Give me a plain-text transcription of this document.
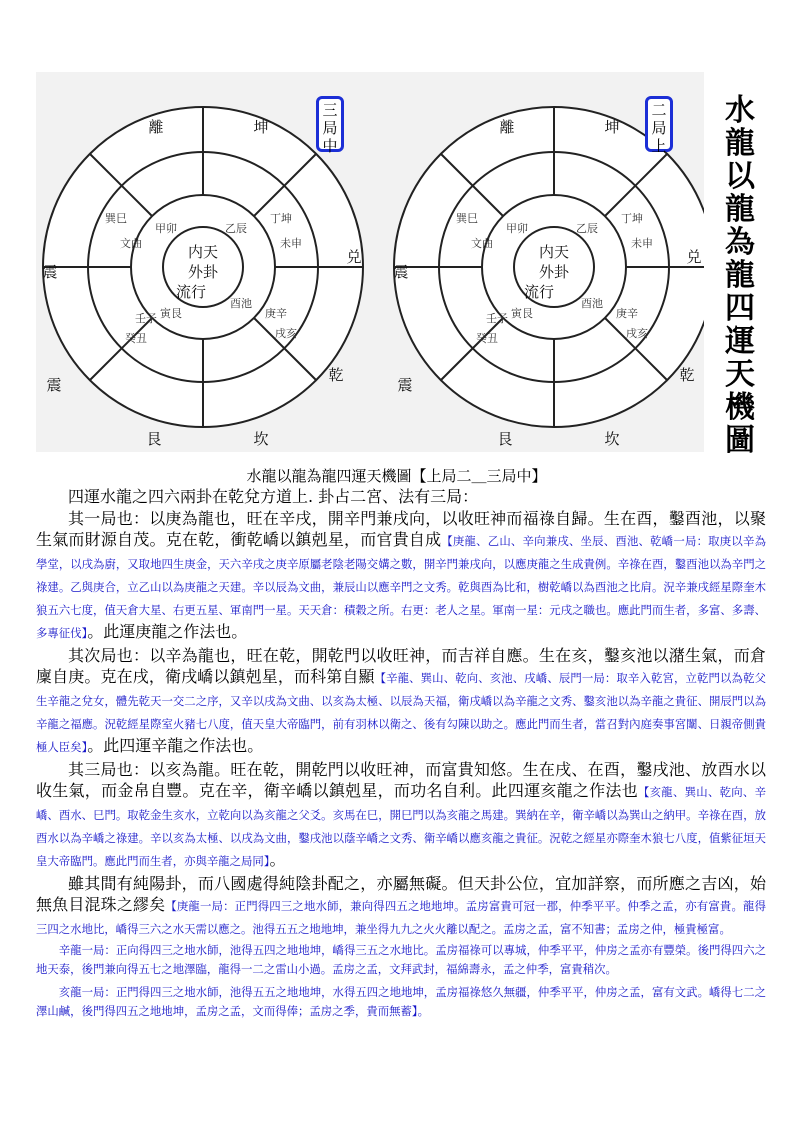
内天
外卦
流行
離	坤
震
兑
震
乾
艮	坎
巽巳
文曲
丁坤
未申
庚辛
戌亥
壬子
癸丑
乙辰
酉池
甲卯
寅艮
三
局
中
内天
外卦
流行
離	坤
震
兑
震
乾
艮	坎
巽巳
文曲
丁坤
未申
庚辛
戌亥
壬子
癸丑
乙辰
酉池
甲卯
寅艮
二
局
上
水
龍
以
龍
為
龍
四
運
天
機
圖
水龍以龍為龍四運天機圖【上局二＿三局中】

四運水龍之四六兩卦在乾兌方道上. 卦占二宮、法有三局：

其一局也：以庚為龍也，旺在辛戌，開辛門兼戌向，以收旺神而福祿自歸。生在酉，鑿酉池，以聚生氣而財源自茂。克在乾，衝乾嶠以鎮剋星，而官貴自成【庚龍、乙山、辛向兼戌、坐辰、酉池、乾嶠一局：取庚以辛為學堂，以戌為廚，又取地四生庚金，天六辛戌之庚辛原屬老陰老陽交媾之數，開辛門兼戌向，以應庚龍之生成貴例。辛祿在酉，鑿酉池以為辛門之祿建。乙與庚合，立乙山以為庚龍之天建。辛以辰為文曲，兼辰山以應辛門之文秀。乾與酉為比和，樹乾嶠以為酉池之比肩。況辛兼戌經星際奎木狼五六七度，值天倉大星、右更五星、軍南門一星。天天倉：積穀之所。右更：老人之星。軍南一星：元戌之職也。應此門而生者，多富、多壽、多專征伐】。此運庚龍之作法也。

其次局也：以辛為龍也，旺在乾，開乾門以收旺神，而吉祥自應。生在亥，鑿亥池以潴生氣，而倉廩自庚。克在戌，衛戌嶠以鎮剋星，而科第自顯【辛龍、巽山、乾向、亥池、戌嶠、辰門一局：取辛入乾宮，立乾門以為乾父生辛龍之兌女，體先乾天一交二之序，又辛以戌為文曲、以亥為太極、以辰為天福，衛戌嶠以為辛龍之文秀、鑿亥池以為辛龍之貴征、開辰門以為辛龍之福應。況乾經星際室火豬七八度，值天皇大帝臨門，前有羽林以衛之、後有勾陳以助之。應此門而生者，當召對內庭奏事宮闈、日親帝側貴極人臣矣】。此四運辛龍之作法也。

其三局也：以亥為龍。旺在乾，開乾門以收旺神，而富貴知悠。生在戌、在酉，鑿戌池、放酉水以收生氣，而金帛自豐。克在辛，衛辛嶠以鎮剋星，而功名自利。此四運亥龍之作法也【亥龍、巽山、乾向、辛嶠、酉水、巳門。取乾金生亥水，立乾向以為亥龍之父爻。亥馬在巳，開巳門以為亥龍之馬建。巽納在辛，衛辛嶠以為巽山之納甲。辛祿在酉，放酉水以為辛嶠之祿建。辛以亥為太極、以戌為文曲，鑿戌池以蔭辛嶠之文秀、衛辛嶠以應亥龍之貴征。況乾之經星亦際奎木狼七八度，值紫征垣天皇大帝臨門。應此門而生者，亦與辛龍之局同】。

雖其間有純陽卦，而八國處得純陰卦配之，亦屬無礙。但天卦公位，宜加詳察，而所應之吉凶，始無魚目混珠之繆矣【庚龍一局：正門得四三之地水師，兼向得四五之地地坤。孟房富貴可冠一郡，仲季平平。仲季之孟，亦有富貴。龍得三四之水地比，嶠得三六之水天需以應之。池得五五之地地坤，兼坐得九九之火火離以配之。孟房之孟，富不知書；孟房之仲，極貴極富。

辛龍一局：正向得四三之地水師，池得五四之地地坤，嶠得三五之水地比。孟房福祿可以專城，仲季平平，仲房之孟亦有豐榮。後門得四六之地天泰，後門兼向得五七之地澤臨，龍得一二之雷山小過。孟房之孟，文拜武封，福綿壽永，孟之仲季，富貴稍次。

亥龍一局：正門得四三之地水師，池得五五之地地坤，水得五四之地地坤，孟房福祿悠久無疆，仲季平平，仲房之孟，富有文武。嶠得七二之澤山鹹，後門得四五之地地坤，孟房之孟，文而得俸；孟房之季，貴而無蓄】。
